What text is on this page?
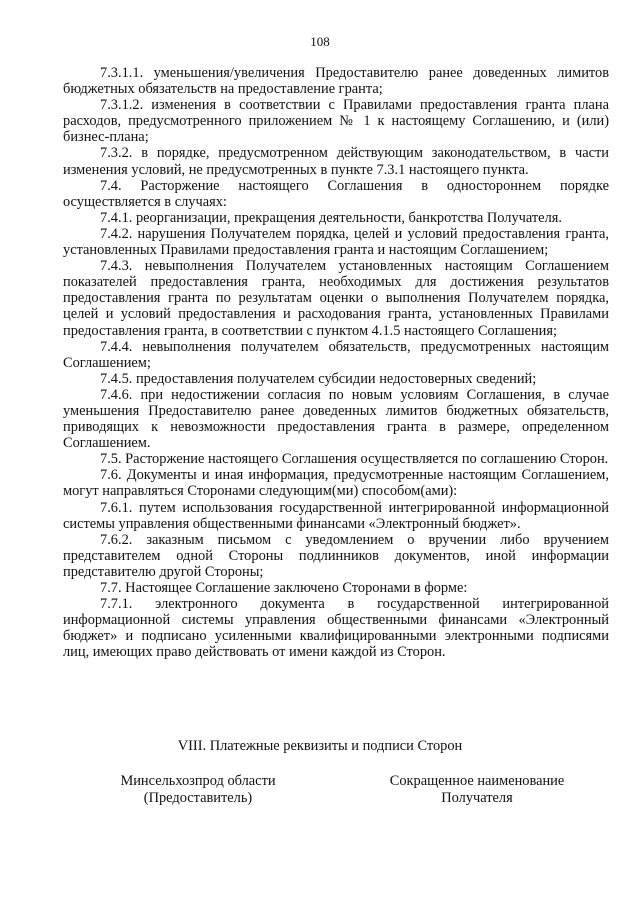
108

7.3.1.1. уменьшения/увеличения Предоставителю ранее доведенных лимитов бюджетных обязательств на предоставление гранта;

7.3.1.2. изменения в соответствии с Правилами предоставления гранта плана расходов, предусмотренного приложением № 1 к настоящему Соглашению, и (или) бизнес-плана;

7.3.2. в порядке, предусмотренном действующим законодательством, в части изменения условий, не предусмотренных в пункте 7.3.1 настоящего пункта.

7.4. Расторжение настоящего Соглашения в одностороннем порядке осуществляется в случаях:

7.4.1. реорганизации, прекращения деятельности, банкротства Получателя.

7.4.2. нарушения Получателем порядка, целей и условий предоставления гранта, установленных Правилами предоставления гранта и настоящим Соглашением;

7.4.3. невыполнения Получателем установленных настоящим Соглашением показателей предоставления гранта, необходимых для достижения результатов предоставления гранта по результатам оценки о выполнения Получателем порядка, целей и условий предоставления и расходования гранта, установленных Правилами предоставления гранта, в соответствии с пунктом 4.1.5 настоящего Соглашения;

7.4.4. невыполнения получателем обязательств, предусмотренных настоящим Соглашением;

7.4.5. предоставления получателем субсидии недостоверных сведений;

7.4.6. при недостижении согласия по новым условиям Соглашения, в случае уменьшения Предоставителю ранее доведенных лимитов бюджетных обязательств, приводящих к невозможности предоставления гранта в размере, определенном Соглашением.

7.5. Расторжение настоящего Соглашения осуществляется по соглашению Сторон.

7.6. Документы и иная информация, предусмотренные настоящим Соглашением, могут направляться Сторонами следующим(ми) способом(ами):

7.6.1. путем использования государственной интегрированной информационной системы управления общественными финансами «Электронный бюджет».

7.6.2. заказным письмом с уведомлением о вручении либо вручением представителем одной Стороны подлинников документов, иной информации представителю другой Стороны;

7.7. Настоящее Соглашение заключено Сторонами в форме:

7.7.1. электронного документа в государственной интегрированной информационной системы управления общественными финансами «Электронный бюджет» и подписано усиленными квалифицированными электронными подписями лиц, имеющих право действовать от имени каждой из Сторон.

VIII. Платежные реквизиты и подписи Сторон
Минсельхозпрод области
(Предоставитель)
Сокращенное наименование
Получателя
